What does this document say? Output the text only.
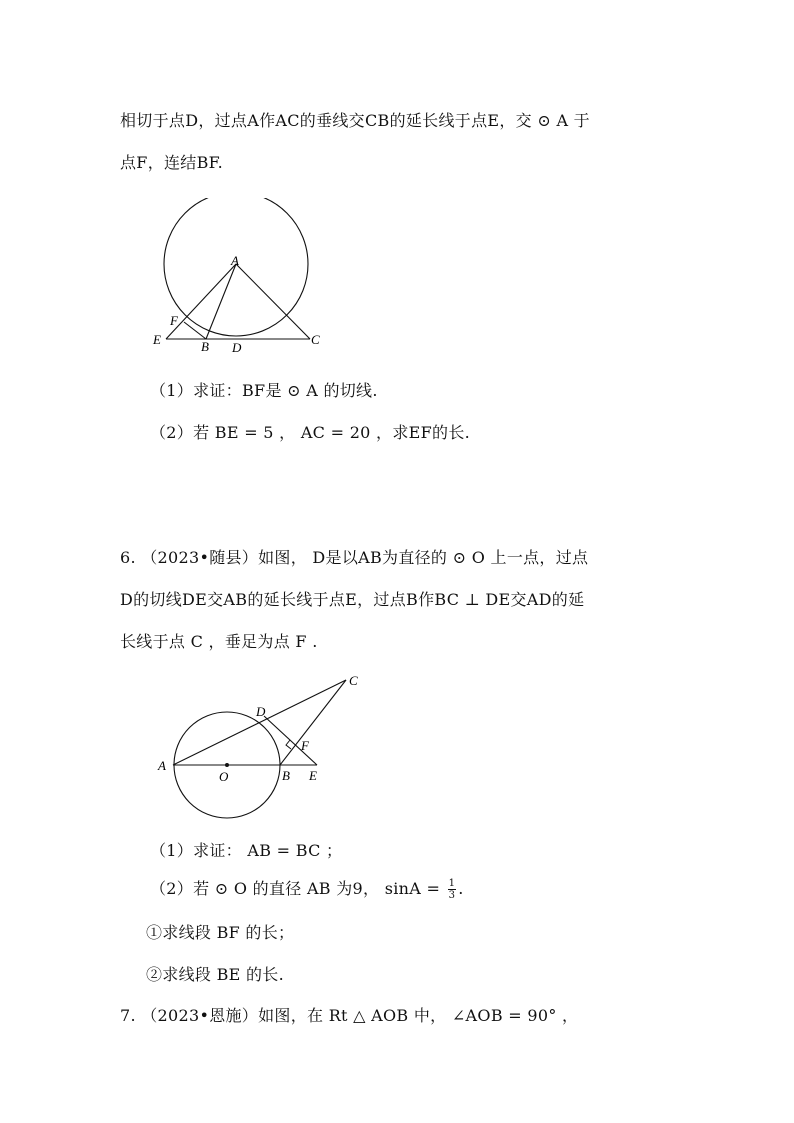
相切于点D，过点A作AC的垂线交CB的延长线于点E，交 ⊙ A 于
点F，连结BF.
A
F
E	B D
C
（1）求证：BF是 ⊙ A 的切线.
（2）若 BE = 5 ， AC = 20 ，求EF的长.
6. （2023•随县）如图， D是以AB为直径的 ⊙ O 上一点，过点
D的切线DE交AB的延长线于点E，过点B作BC ⊥ DE交AD的延
长线于点 C ，垂足为点 F .
A
O	B E
D
F
C
（1）求证： AB = BC ；
（2）若 ⊙ O 的直径 AB 为9， $\sin A = \frac{1}{3}$ .
①求线段 BF 的长；
②求线段 BE 的长.
7. （2023•恩施）如图，在 Rt △ AOB 中， ∠AOB = 90° ，
